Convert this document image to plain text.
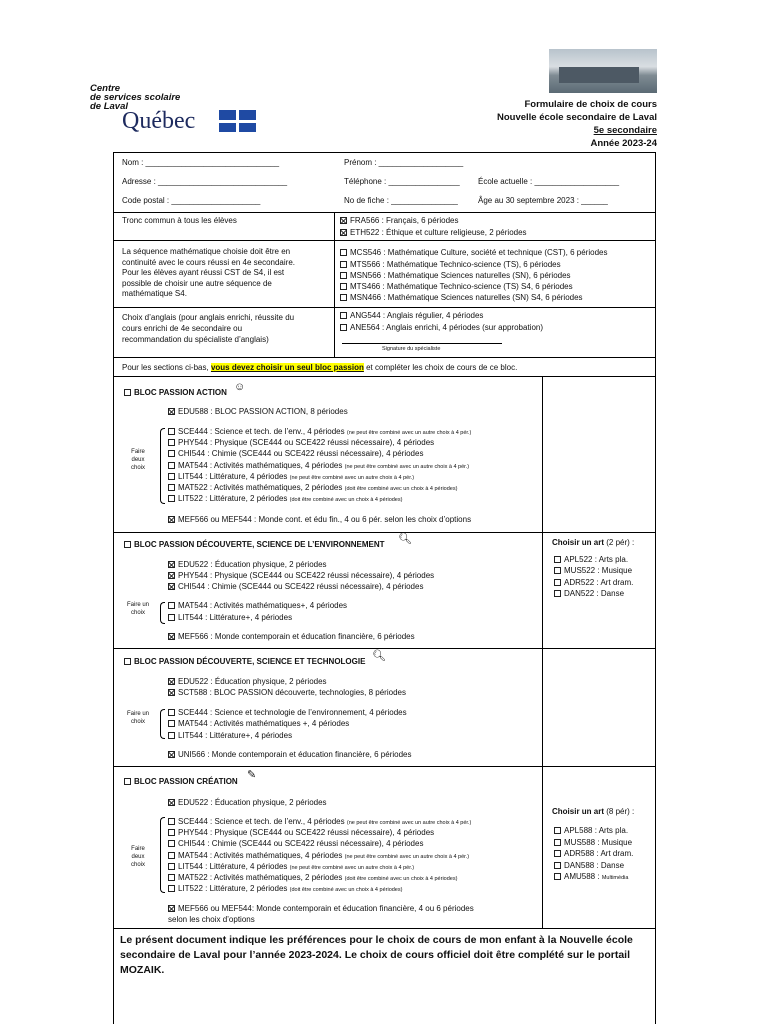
Centre
de services scolaire
de Laval
Québec
Formulaire de choix de cours
Nouvelle école secondaire de Laval
5e secondaire
Année 2023-24
Nom : ______________________________	Prénom : ___________________
Adresse : _____________________________	Téléphone : ________________ École actuelle : ___________________
Code postal : ____________________	No de fiche : _______________	Âge au 30 septembre 2023 : ______
Tronc commun à tous les élèves	FRA566 : Français, 6 périodes
ETH522 : Éthique et culture religieuse, 2 périodes
La séquence mathématique choisie doit être en
continuité avec le cours réussi en 4e secondaire.
Pour les élèves ayant réussi CST de S4, il est
possible de choisir une autre séquence de
mathématique S4.
MCS546 : Mathématique Culture, société et technique (CST), 6 périodes
MTS566 : Mathématique Technico-science (TS), 6 périodes
MSN566 : Mathématique Sciences naturelles (SN), 6 périodes
MTS466 : Mathématique Technico-science (TS) S4, 6 périodes
MSN466 : Mathématique Sciences naturelles (SN) S4, 6 périodes
Choix d’anglais (pour anglais enrichi, réussite du
cours enrichi de 4e secondaire ou
recommandation du spécialiste d’anglais)
ANG544 : Anglais régulier, 4 périodes
ANE564 : Anglais enrichi, 4 périodes (sur approbation)
Signature du spécialiste
Pour les sections ci-bas, vous devez choisir un seul bloc passion et compléter les choix de cours de ce bloc.
BLOC PASSION ACTION ☺
EDU588 : BLOC PASSION ACTION, 8 périodes
Faire deux choix
SCE444 : Science et tech. de l’env., 4 périodes (ne peut être combiné avec un autre choix à 4 pér.)
PHY544 : Physique (SCE444 ou SCE422 réussi nécessaire), 4 périodes
CHI544 : Chimie (SCE444 ou SCE422 réussi nécessaire), 4 périodes
MAT544 : Activités mathématiques, 4 périodes (ne peut être combiné avec un autre choix à 4 pér.)
LIT544 : Littérature, 4 périodes (ne peut être combiné avec un autre choix à 4 pér.)
MAT522 : Activités mathématiques, 2 périodes (doit être combiné avec un choix à 4 périodes)
LIT522 : Littérature, 2 périodes (doit être combiné avec un choix à 4 périodes)
MEF566 ou MEF544 : Monde cont. et édu fin., 4 ou 6 pér. selon les choix d’options
Choisir un art (2 pér) :
APL522 : Arts pla.
MUS522 : Musique
ADR522 : Art dram.
DAN522 : Danse
BLOC PASSION DÉCOUVERTE, SCIENCE DE L’ENVIRONNEMENT 🔍︎
EDU522 : Éducation physique, 2 périodes
PHY544 : Physique (SCE444 ou SCE422 réussi nécessaire), 4 périodes
CHI544 : Chimie (SCE444 ou SCE422 réussi nécessaire), 4 périodes
Faire un choix
MAT544 : Activités mathématiques+, 4 périodes
LIT544 : Littérature+, 4 périodes
MEF566 : Monde contemporain et éducation financière, 6 périodes
BLOC PASSION DÉCOUVERTE, SCIENCE ET TECHNOLOGIE 🔍︎
EDU522 : Éducation physique, 2 périodes
SCT588 : BLOC PASSION découverte, technologies, 8 périodes
Faire un choix
SCE444 : Science et technologie de l’environnement, 4 périodes
MAT544 : Activités mathématiques +, 4 périodes
LIT544 : Littérature+, 4 périodes
UNI566 : Monde contemporain et éducation financière, 6 périodes
BLOC PASSION CRÉATION
✎
EDU522 : Éducation physique, 2 périodes
Faire deux choix
SCE444 : Science et tech. de l’env., 4 périodes (ne peut être combiné avec un autre choix à 4 pér.)
PHY544 : Physique (SCE444 ou SCE422 réussi nécessaire), 4 périodes
CHI544 : Chimie (SCE444 ou SCE422 réussi nécessaire), 4 périodes
MAT544 : Activités mathématiques, 4 périodes (ne peut être combiné avec un autre choix à 4 pér.)
LIT544 : Littérature, 4 périodes (ne peut être combiné avec un autre choix à 4 pér.)
MAT522 : Activités mathématiques, 2 périodes (doit être combiné avec un choix à 4 périodes)
LIT522 : Littérature, 2 périodes (doit être combiné avec un choix à 4 périodes)
MEF566 ou MEF544: Monde contemporain et éducation financière, 4 ou 6 périodes
selon les choix d’options
Choisir un art (8 pér) :
APL588 : Arts pla.
MUS588 : Musique
ADR588 : Art dram.
DAN588 : Danse
AMU588 : Multimédia
Le présent document indique les préférences pour le choix de cours de mon enfant à la Nouvelle école secondaire de Laval pour l’année 2023-2024. Le choix de cours officiel doit être complété sur le portail MOZAIK.
